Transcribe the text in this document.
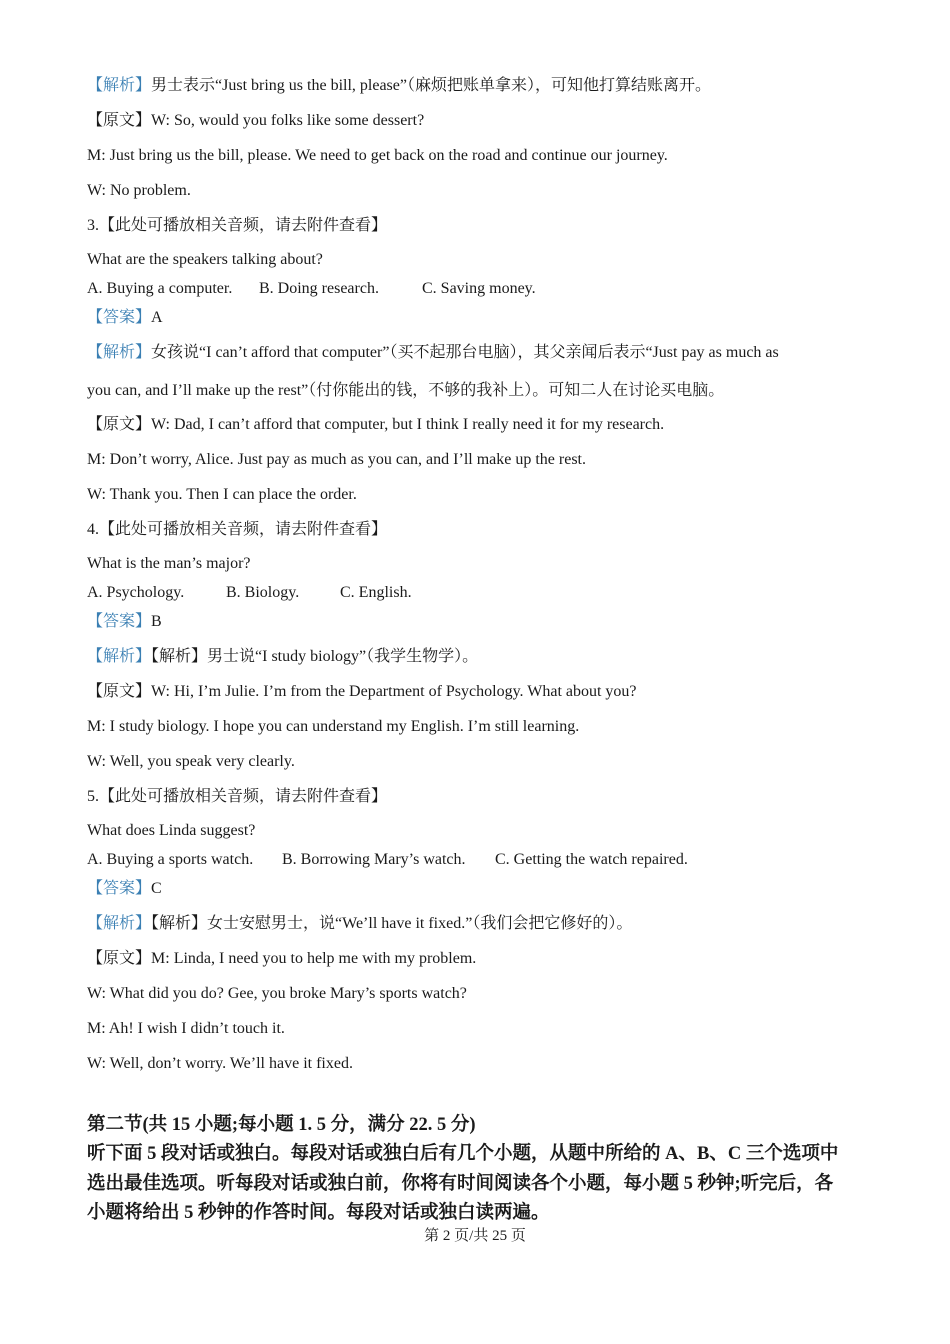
【解析】男士表示“Just bring us the bill, please”（麻烦把账单拿来），可知他打算结账离开。
【原文】W: So, would you folks like some dessert?
M: Just bring us the bill, please. We need to get back on the road and continue our journey.
W: No problem.
3.【此处可播放相关音频，请去附件查看】
What are the speakers talking about?
A. Buying a computer. B. Doing research.	C. Saving money.
【答案】A
【解析】女孩说“I can’t afford that computer”（买不起那台电脑），其父亲闻后表示“Just pay as much as
you can, and I’ll make up the rest”（付你能出的钱，不够的我补上）。可知二人在讨论买电脑。
【原文】W: Dad, I can’t afford that computer, but I think I really need it for my research.
M: Don’t worry, Alice. Just pay as much as you can, and I’ll make up the rest.
W: Thank you. Then I can place the order.
4.【此处可播放相关音频，请去附件查看】
What is the man’s major?
A. Psychology.	B. Biology.	C. English.
【答案】B
【解析】【解析】男士说“I study biology”（我学生物学）。
【原文】W: Hi, I’m Julie. I’m from the Department of Psychology. What about you?
M: I study biology. I hope you can understand my English. I’m still learning.
W: Well, you speak very clearly.
5.【此处可播放相关音频，请去附件查看】
What does Linda suggest?
A. Buying a sports watch. B. Borrowing Mary’s watch. C. Getting the watch repaired.
【答案】C
【解析】【解析】女士安慰男士，说“We’ll have it fixed.”（我们会把它修好的）。
【原文】M: Linda, I need you to help me with my problem.
W: What did you do? Gee, you broke Mary’s sports watch?
M: Ah! I wish I didn’t touch it.
W: Well, don’t worry. We’ll have it fixed.
第二节(共 15 小题;每小题 1. 5 分，满分 22. 5 分)
听下面 5 段对话或独白。每段对话或独白后有几个小题，从题中所给的 A、B、C 三个选项中
选出最佳选项。听每段对话或独白前，你将有时间阅读各个小题，每小题 5 秒钟;听完后，各
小题将给出 5 秒钟的作答时间。每段对话或独白读两遍。
第 2 页/共 25 页
